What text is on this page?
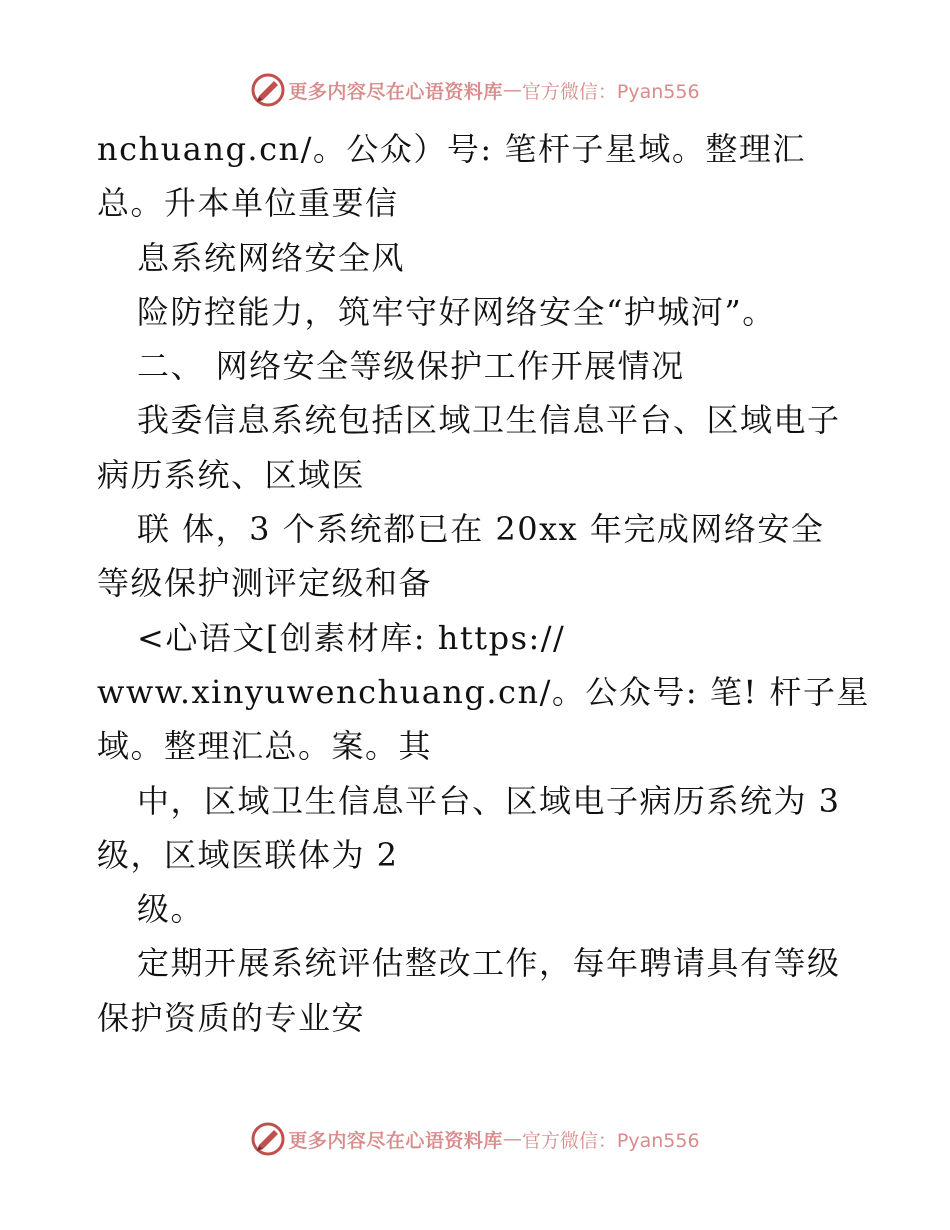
更多内容尽在心语资料库 — 官方微信：Pyan556
nchuang.cn/。公众）号: 笔杆子星域。整理汇
总。升本单位重要信
息系统网络安全风
险防控能力，筑牢守好网络安全“护城河”。
二、 网络安全等级保护工作开展情况
我委信息系统包括区域卫生信息平台、区域电子
病历系统、区域医
联 体，3 个系统都已在 20xx 年完成网络安全
等级保护测评定级和备
<心语文[创素材库: https://
www.xinyuwenchuang.cn/。公众号: 笔! 杆子星
域。整理汇总。案。其
中，区域卫生信息平台、区域电子病历系统为 3
级，区域医联体为 2
级。
定期开展系统评估整改工作，每年聘请具有等级
保护资质的专业安
更多内容尽在心语资料库 — 官方微信：Pyan556
